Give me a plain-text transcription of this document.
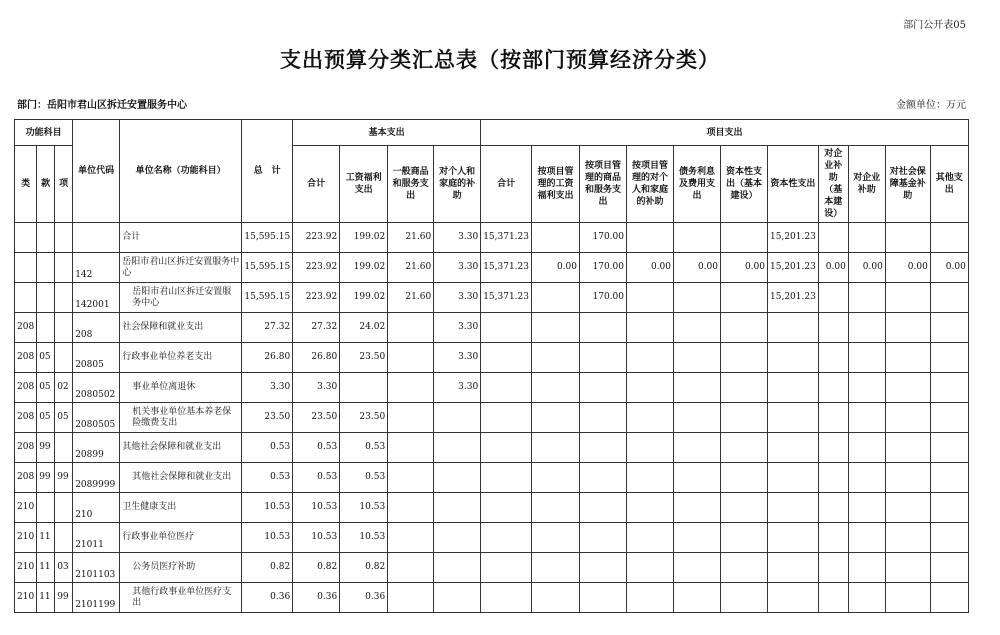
部门公开表05
支出预算分类汇总表（按部门预算经济分类）
部门：岳阳市君山区拆迁安置服务中心	金额单位：万元
功能科目			单位代码	单位名称（功能科目）	总　计	基本支出				项目支出										
类	款	项				合计	工资福利支出	一般商品和服务支出	对个人和家庭的补助	合计	按项目管理的工资福利支出	按项目管理的商品和服务支出	按项目管理的对个人和家庭的补助	债务利息及费用支出	资本性支出（基本建设）	资本性支出	对企业补助（基本建设）	对企业补助	对社会保障基金补助	其他支出
				合计	15,595.15	223.92	199.02	21.60	3.30	15,371.23		170.00				15,201.23				
			142	岳阳市君山区拆迁安置服务中心	15,595.15	223.92	199.02	21.60	3.30	15,371.23	0.00	170.00	0.00	0.00	0.00	15,201.23	0.00	0.00	0.00	0.00
			142001	岳阳市君山区拆迁安置服务中心	15,595.15	223.92	199.02	21.60	3.30	15,371.23		170.00				15,201.23				
208			208	社会保障和就业支出	27.32	27.32	24.02		3.30											
208	05		20805	行政事业单位养老支出	26.80	26.80	23.50		3.30											
208	05	02	2080502	事业单位离退休	3.30	3.30			3.30											
208	05	05	2080505	机关事业单位基本养老保险缴费支出	23.50	23.50	23.50													
208	99		20899	其他社会保障和就业支出	0.53	0.53	0.53													
208	99	99	2089999	其他社会保障和就业支出	0.53	0.53	0.53													
210			210	卫生健康支出	10.53	10.53	10.53													
210	11		21011	行政事业单位医疗	10.53	10.53	10.53													
210	11	03	2101103	公务员医疗补助	0.82	0.82	0.82													
210	11	99	2101199	其他行政事业单位医疗支出	0.36	0.36	0.36													
